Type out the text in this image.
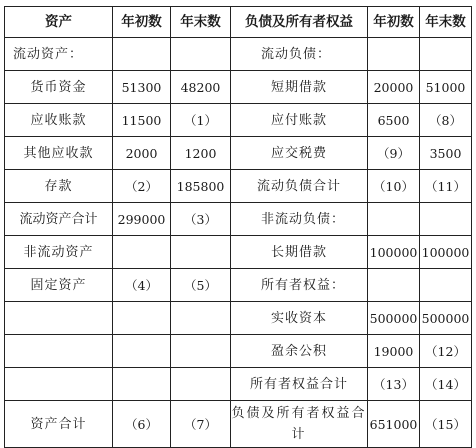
资产	年初数	年末数	负债及所有者权益	年初数	年末数
流动资产：			流动负债：		
货币资金	51300	48200	短期借款	20000	51000
应收账款	11500	（1）	应付账款	6500	（8）
其他应收款	2000	1200	应交税费	（9）	3500
存款	（2）	185800	流动负债合计	（10）	（11）
流动资产合计	299000	（3）	非流动负债：		
非流动资产			长期借款	100000	100000
固定资产	（4）	（5）	所有者权益：		
			实收资本	500000	500000
			盈余公积	19000	（12）
			所有者权益合计	（13）	（14）
资产合计	（6）	（7）	负债及所有者权益合计	651000	（15）
